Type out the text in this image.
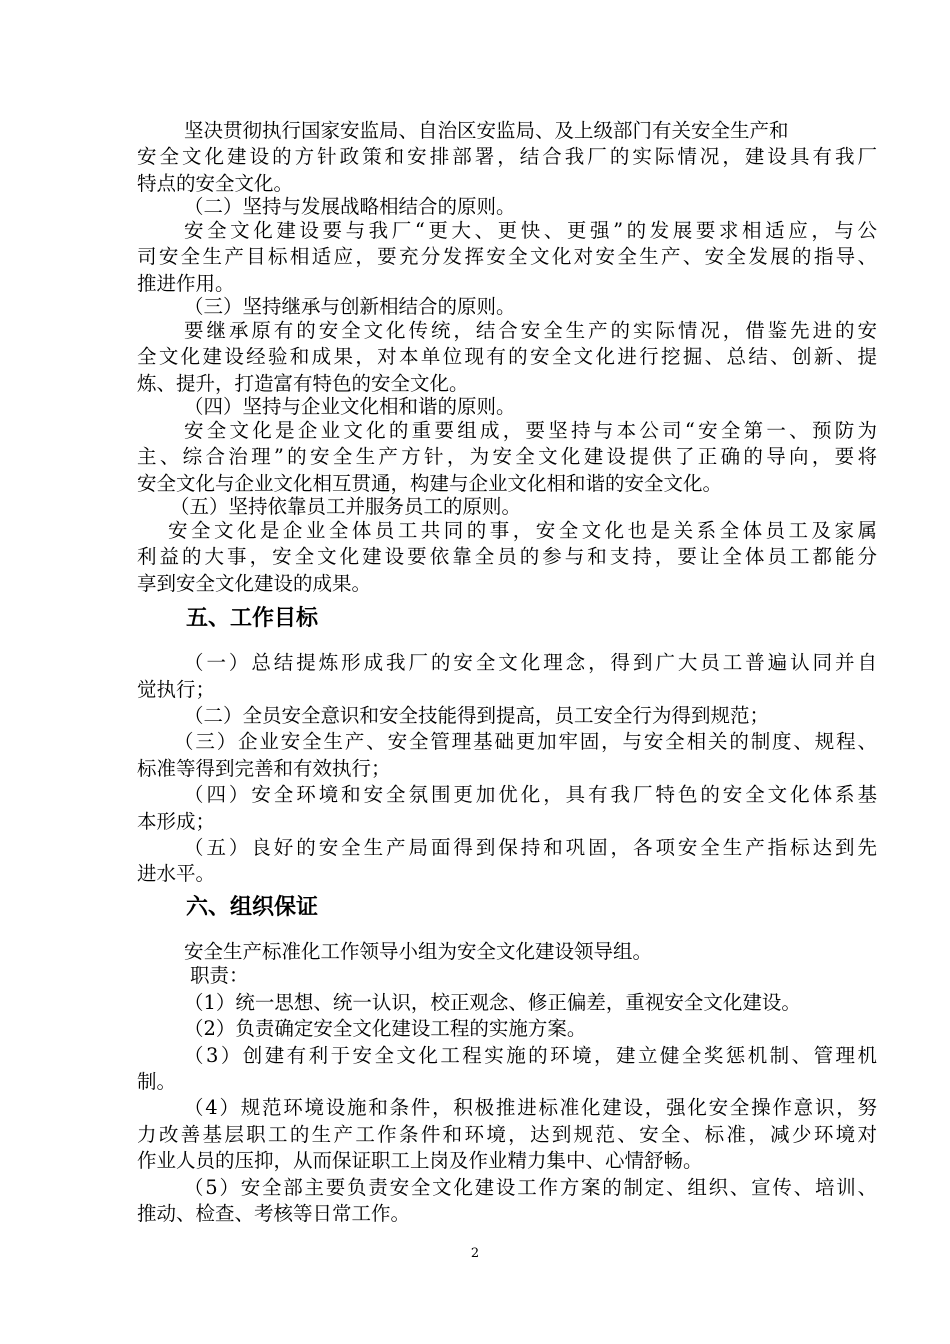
坚决贯彻执行国家安监局、自治区安监局、及上级部门有关安全生产和
安全文化建设的方针政策和安排部署，结合我厂的实际情况，建设具有我厂
特点的安全文化。
（二）坚持与发展战略相结合的原则。
安全文化建设要与我厂“更大、更快、更强”的发展要求相适应，与公
司安全生产目标相适应，要充分发挥安全文化对安全生产、安全发展的指导、
推进作用。
（三）坚持继承与创新相结合的原则。
要继承原有的安全文化传统，结合安全生产的实际情况，借鉴先进的安
全文化建设经验和成果，对本单位现有的安全文化进行挖掘、总结、创新、提
炼、提升，打造富有特色的安全文化。
（四）坚持与企业文化相和谐的原则。
安全文化是企业文化的重要组成，要坚持与本公司“安全第一、预防为
主、综合治理”的安全生产方针，为安全文化建设提供了正确的导向，要将
安全文化与企业文化相互贯通，构建与企业文化相和谐的安全文化。
（五）坚持依靠员工并服务员工的原则。
安全文化是企业全体员工共同的事，安全文化也是关系全体员工及家属
利益的大事，安全文化建设要依靠全员的参与和支持，要让全体员工都能分
享到安全文化建设的成果。
五、工作目标
（一）总结提炼形成我厂的安全文化理念，得到广大员工普遍认同并自
觉执行；
（二）全员安全意识和安全技能得到提高，员工安全行为得到规范；
（三）企业安全生产、安全管理基础更加牢固，与安全相关的制度、规程、
标准等得到完善和有效执行；
（四）安全环境和安全氛围更加优化，具有我厂特色的安全文化体系基
本形成；
（五）良好的安全生产局面得到保持和巩固，各项安全生产指标达到先
进水平。
六、组织保证
安全生产标准化工作领导小组为安全文化建设领导组。
职责：
（1）统一思想、统一认识，校正观念、修正偏差，重视安全文化建设。
（2）负责确定安全文化建设工程的实施方案。
（3）创建有利于安全文化工程实施的环境，建立健全奖惩机制、管理机
制。
（4）规范环境设施和条件，积极推进标准化建设，强化安全操作意识，努
力改善基层职工的生产工作条件和环境，达到规范、安全、标准，减少环境对
作业人员的压抑，从而保证职工上岗及作业精力集中、心情舒畅。
（5）安全部主要负责安全文化建设工作方案的制定、组织、宣传、培训、
推动、检查、考核等日常工作。
2
